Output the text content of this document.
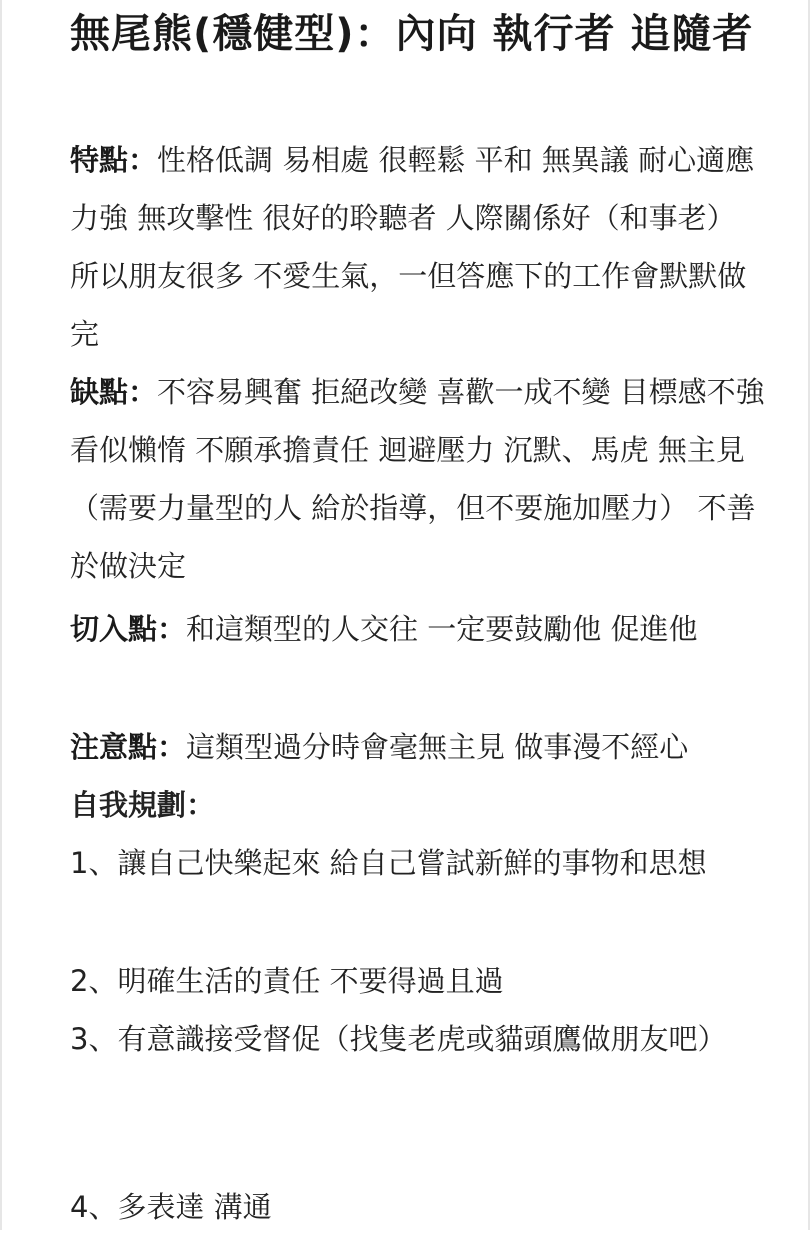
無尾熊(穩健型)：內向 執行者 追隨者

特點：性格低調 易相處 很輕鬆 平和 無異議 耐心適應力強 無攻擊性 很好的聆聽者 人際關係好（和事老） 所以朋友很多 不愛生氣，一但答應下的工作會默默做完

缺點：不容易興奮 拒絕改變 喜歡一成不變 目標感不強 看似懶惰 不願承擔責任 迴避壓力 沉默、馬虎 無主見（需要力量型的人 給於指導，但不要施加壓力） 不善於做決定

切入點：和這類型的人交往 一定要鼓勵他 促進他

注意點：這類型過分時會毫無主見 做事漫不經心

自我規劃：

1、讓自己快樂起來 給自己嘗試新鮮的事物和思想

2、明確生活的責任 不要得過且過

3、有意識接受督促（找隻老虎或貓頭鷹做朋友吧）

4、多表達 溝通
